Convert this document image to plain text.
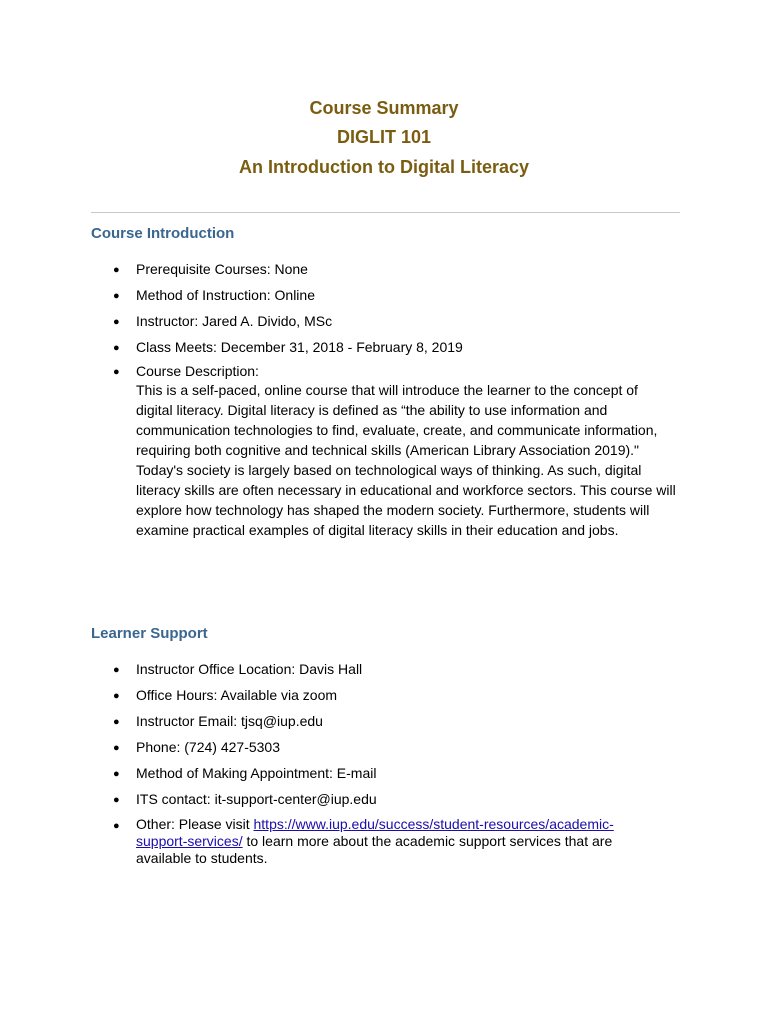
Course Summary
DIGLIT 101
An Introduction to Digital Literacy
Course Introduction
● Prerequisite Courses: None
● Method of Instruction: Online
● Instructor: Jared A. Divido, MSc
● Class Meets: December 31, 2018 - February 8, 2019
● Course Description:
This is a self-paced, online course that will introduce the learner to the concept of
digital literacy. Digital literacy is defined as “the ability to use information and
communication technologies to find, evaluate, create, and communicate information,
requiring both cognitive and technical skills (American Library Association 2019)."
Today's society is largely based on technological ways of thinking. As such, digital
literacy skills are often necessary in educational and workforce sectors. This course will
explore how technology has shaped the modern society. Furthermore, students will
examine practical examples of digital literacy skills in their education and jobs.
Learner Support
● Instructor Office Location: Davis Hall
● Office Hours: Available via zoom
● Instructor Email: tjsq@iup.edu
● Phone: (724) 427-5303
● Method of Making Appointment: E-mail
● ITS contact: it-support-center@iup.edu
● Other: Please visit https://www.iup.edu/success/student-resources/academic-support-services/ to learn more about the academic support services that are available to students.
